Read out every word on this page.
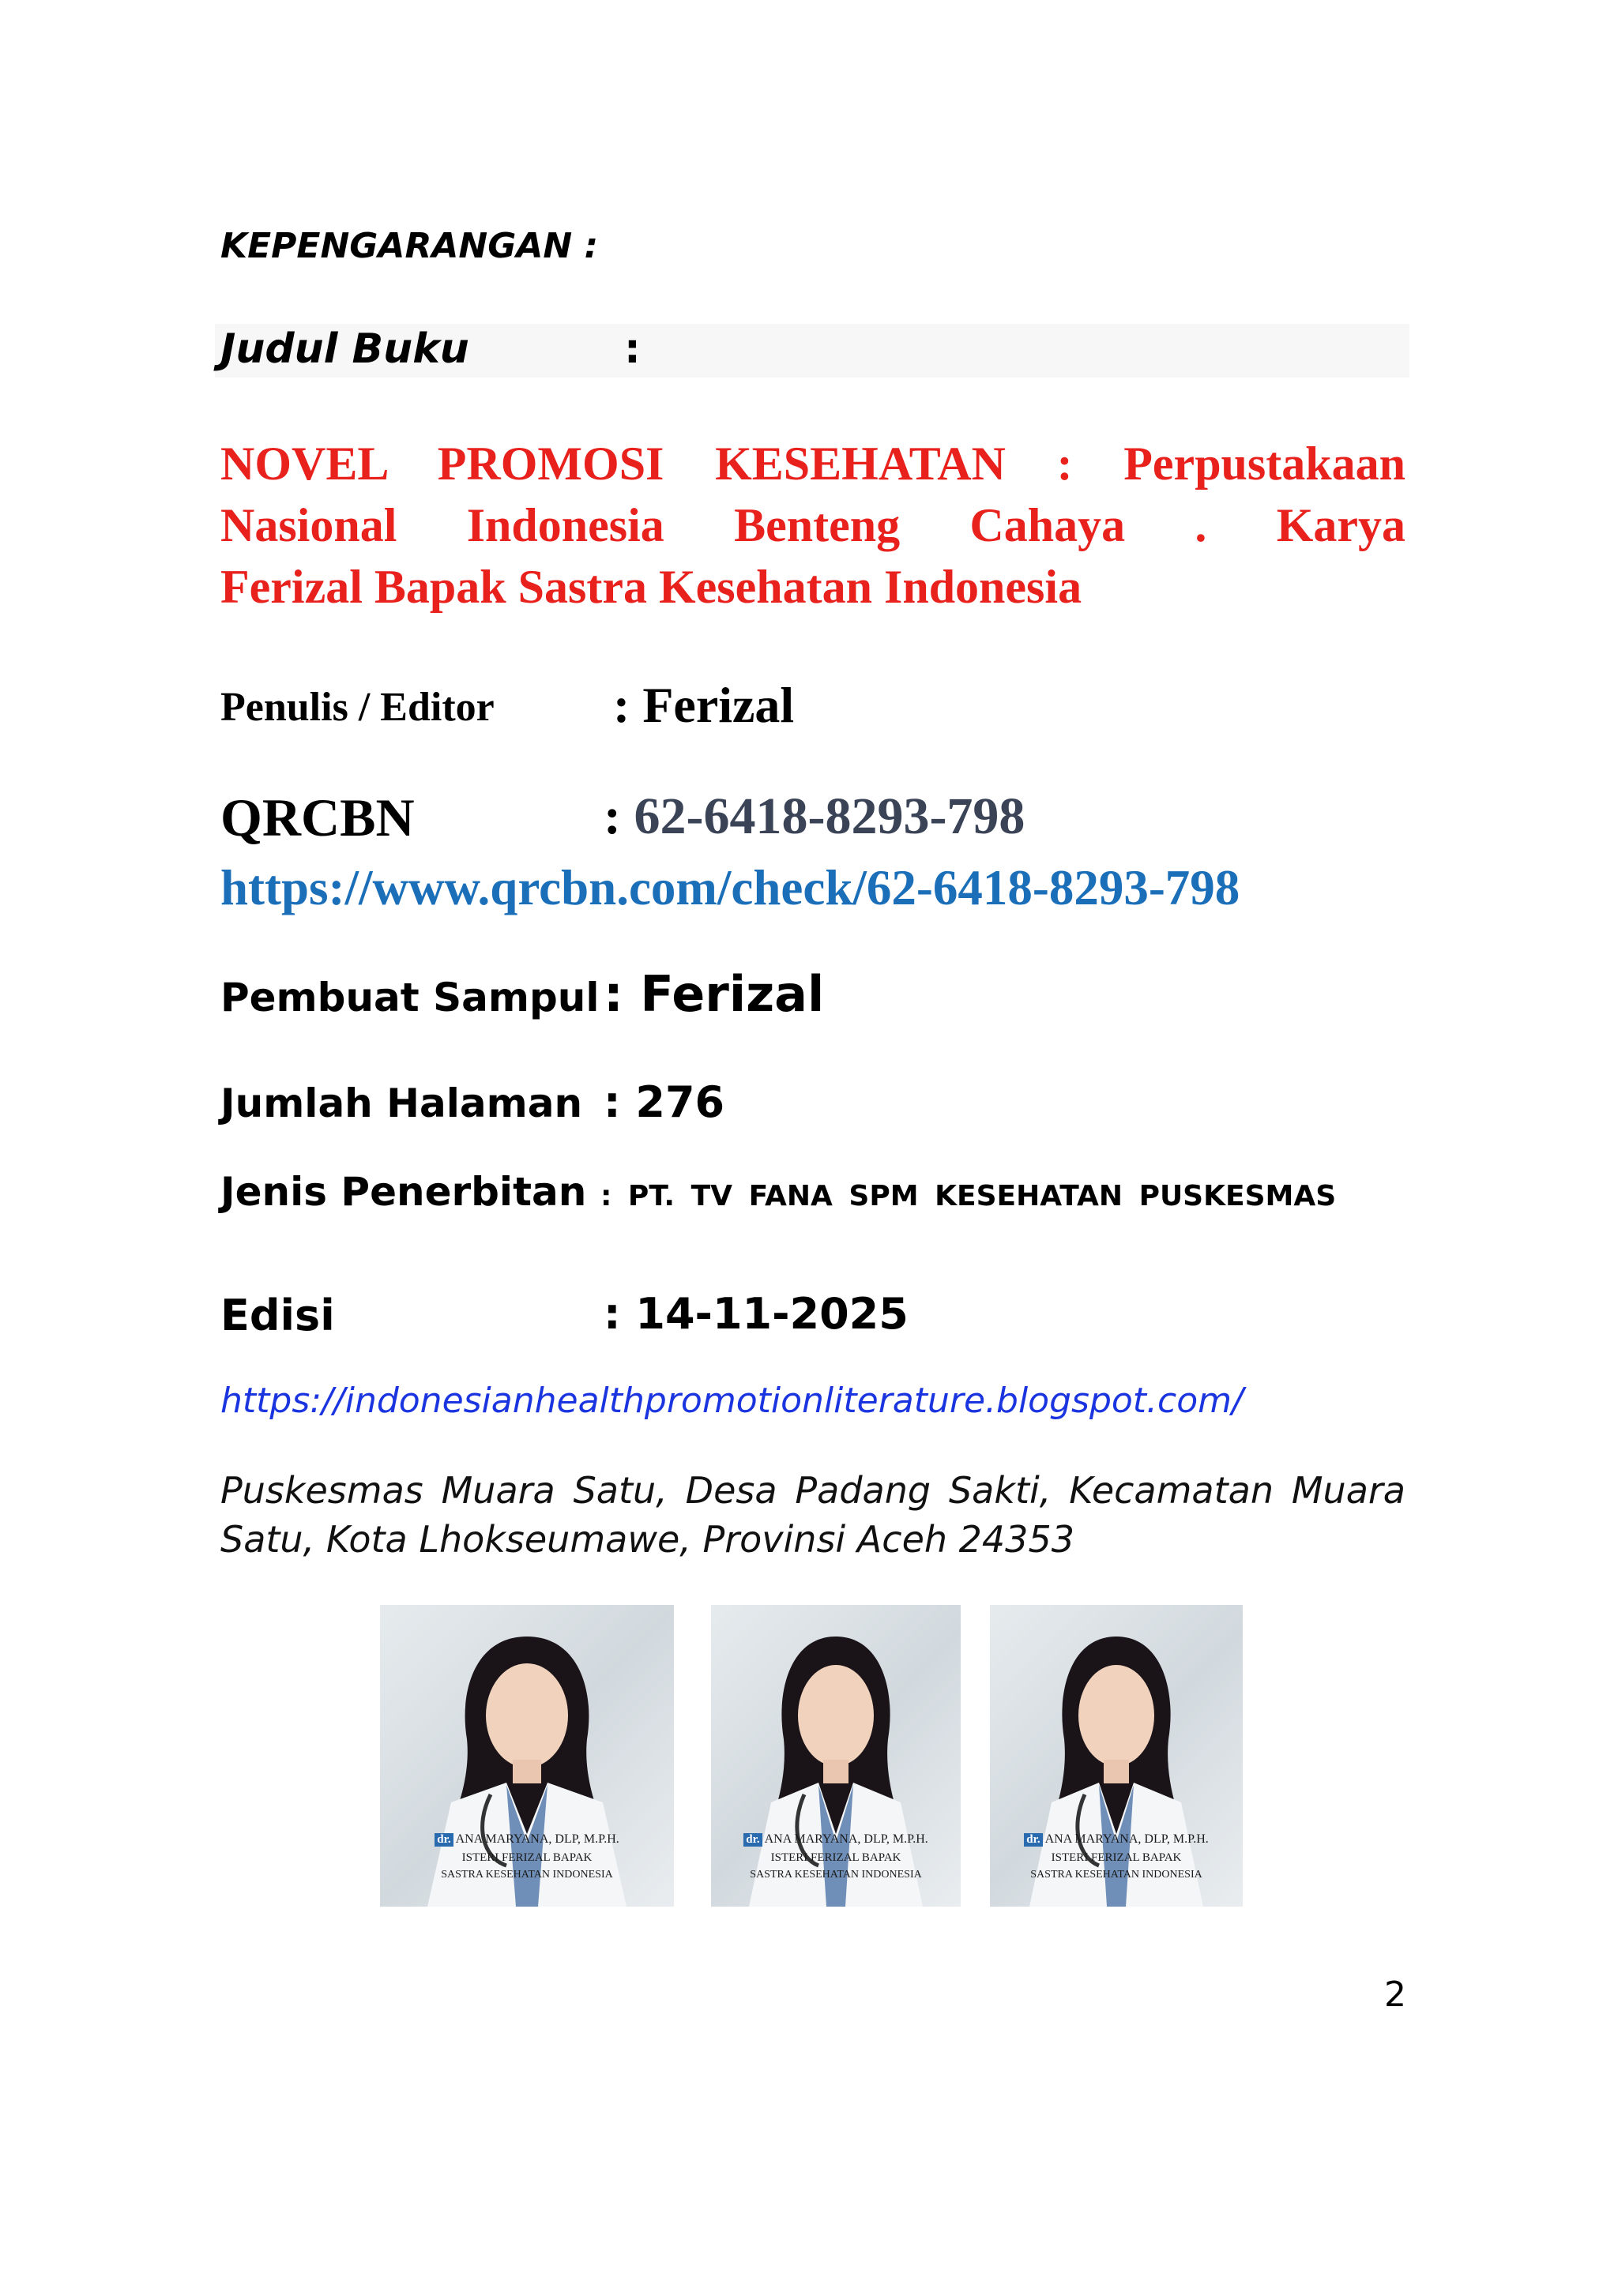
KEPENGARANGAN :
Judul Buku	:
NOVEL PROMOSI KESEHATAN : Perpustakaan
Nasional Indonesia Benteng Cahaya . Karya
Ferizal Bapak Sastra Kesehatan Indonesia
Penulis / Editor : Ferizal
QRCBN	: 62-6418-8293-798
https://www.qrcbn.com/check/62-6418-8293-798
Pembuat Sampul : Ferizal
Jumlah Halaman : 276
Jenis Penerbitan : PT. TV FANA SPM KESEHATAN PUSKESMAS
Edisi	: 14-11-2025
https://indonesianhealthpromotionliterature.blogspot.com/
Puskesmas Muara Satu, Desa Padang Sakti, Kecamatan Muara Satu, Kota Lhokseumawe, Provinsi Aceh 24353
dr. ANA MARYANA, DLP, M.P.H.
ISTERI FERIZAL BAPAK
SASTRA KESEHATAN INDONESIA
dr. ANA MARYANA, DLP, M.P.H.
ISTERI FERIZAL BAPAK
SASTRA KESEHATAN INDONESIA
dr. ANA MARYANA, DLP, M.P.H.
ISTERI FERIZAL BAPAK
SASTRA KESEHATAN INDONESIA
2
